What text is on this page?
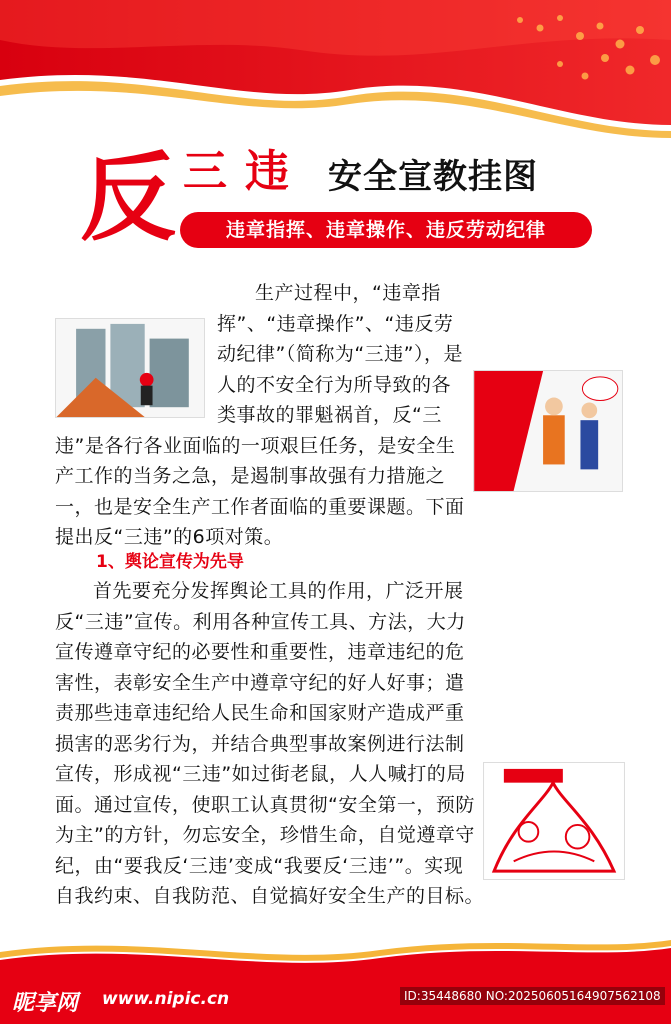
反 三违 安全宣教挂图
违章指挥、违章操作、违反劳动纪律
生产过程中，“违章指挥”、“违章操作”、“违反劳动纪律”（简称为“三违”），是人的不安全行为所导致的各类事故的罪魁祸首，反“三违”是各行各业面临的一项艰巨任务，是安全生产工作的当务之急，是遏制事故强有力措施之一，也是安全生产工作者面临的重要课题。下面提出反“三违”的6项对策。
1、舆论宣传为先导
首先要充分发挥舆论工具的作用，广泛开展反“三违”宣传。利用各种宣传工具、方法，大力宣传遵章守纪的必要性和重要性，违章违纪的危害性，表彰安全生产中遵章守纪的好人好事；遣责那些违章违纪给人民生命和国家财产造成严重损害的恶劣行为，并结合典型事故案例进行法制宣传，形成视“三违”如过街老鼠，人人喊打的局面。通过宣传，使职工认真贯彻“安全第一，预防为主”的方针，勿忘安全，珍惜生命，自觉遵章守纪，由“要我反‘三违’变成“我要反‘三违’”。实现自我约束、自我防范、自觉搞好安全生产的目标。
昵享网 www.nipic.cn	ID:35448680 NO:20250605164907562108
